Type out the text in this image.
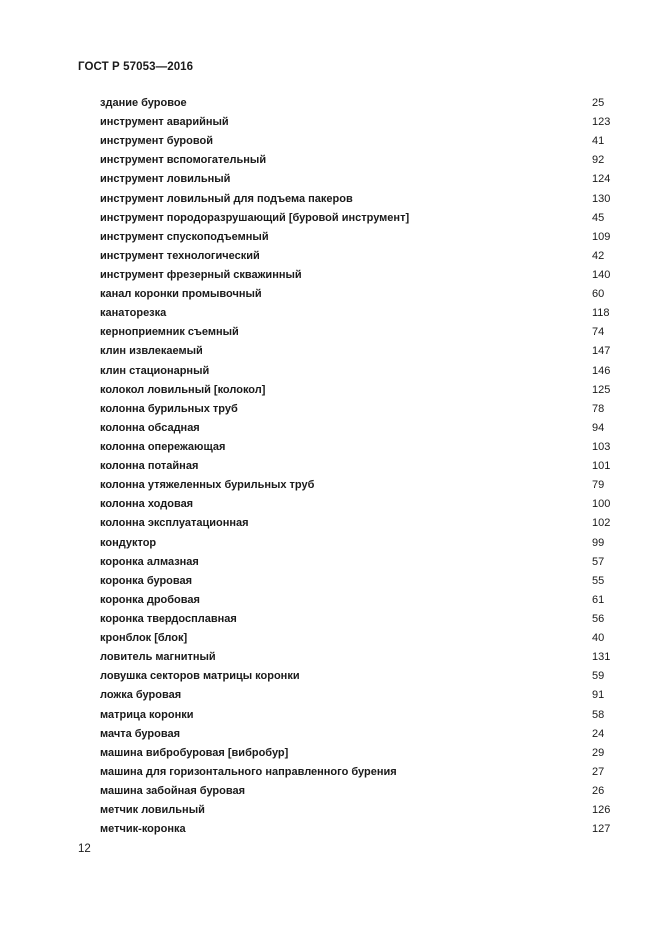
ГОСТ Р 57053—2016
здание буровое	25
инструмент аварийный	123
инструмент буровой	41
инструмент вспомогательный	92
инструмент ловильный	124
инструмент ловильный для подъема пакеров	130
инструмент породоразрушающий [буровой инструмент]	45
инструмент спускоподъемный	109
инструмент технологический	42
инструмент фрезерный скважинный	140
канал коронки промывочный	60
канаторезка	118
керноприемник съемный	74
клин извлекаемый	147
клин стационарный	146
колокол ловильный [колокол]	125
колонна бурильных труб	78
колонна обсадная	94
колонна опережающая	103
колонна потайная	101
колонна утяжеленных бурильных труб	79
колонна ходовая	100
колонна эксплуатационная	102
кондуктор	99
коронка алмазная	57
коронка буровая	55
коронка дробовая	61
коронка твердосплавная	56
кронблок [блок]	40
ловитель магнитный	131
ловушка секторов матрицы коронки	59
ложка буровая	91
матрица коронки	58
мачта буровая	24
машина вибробуровая [вибробур]	29
машина для горизонтального направленного бурения	27
машина забойная буровая	26
метчик ловильный	126
метчик-коронка	127
12
